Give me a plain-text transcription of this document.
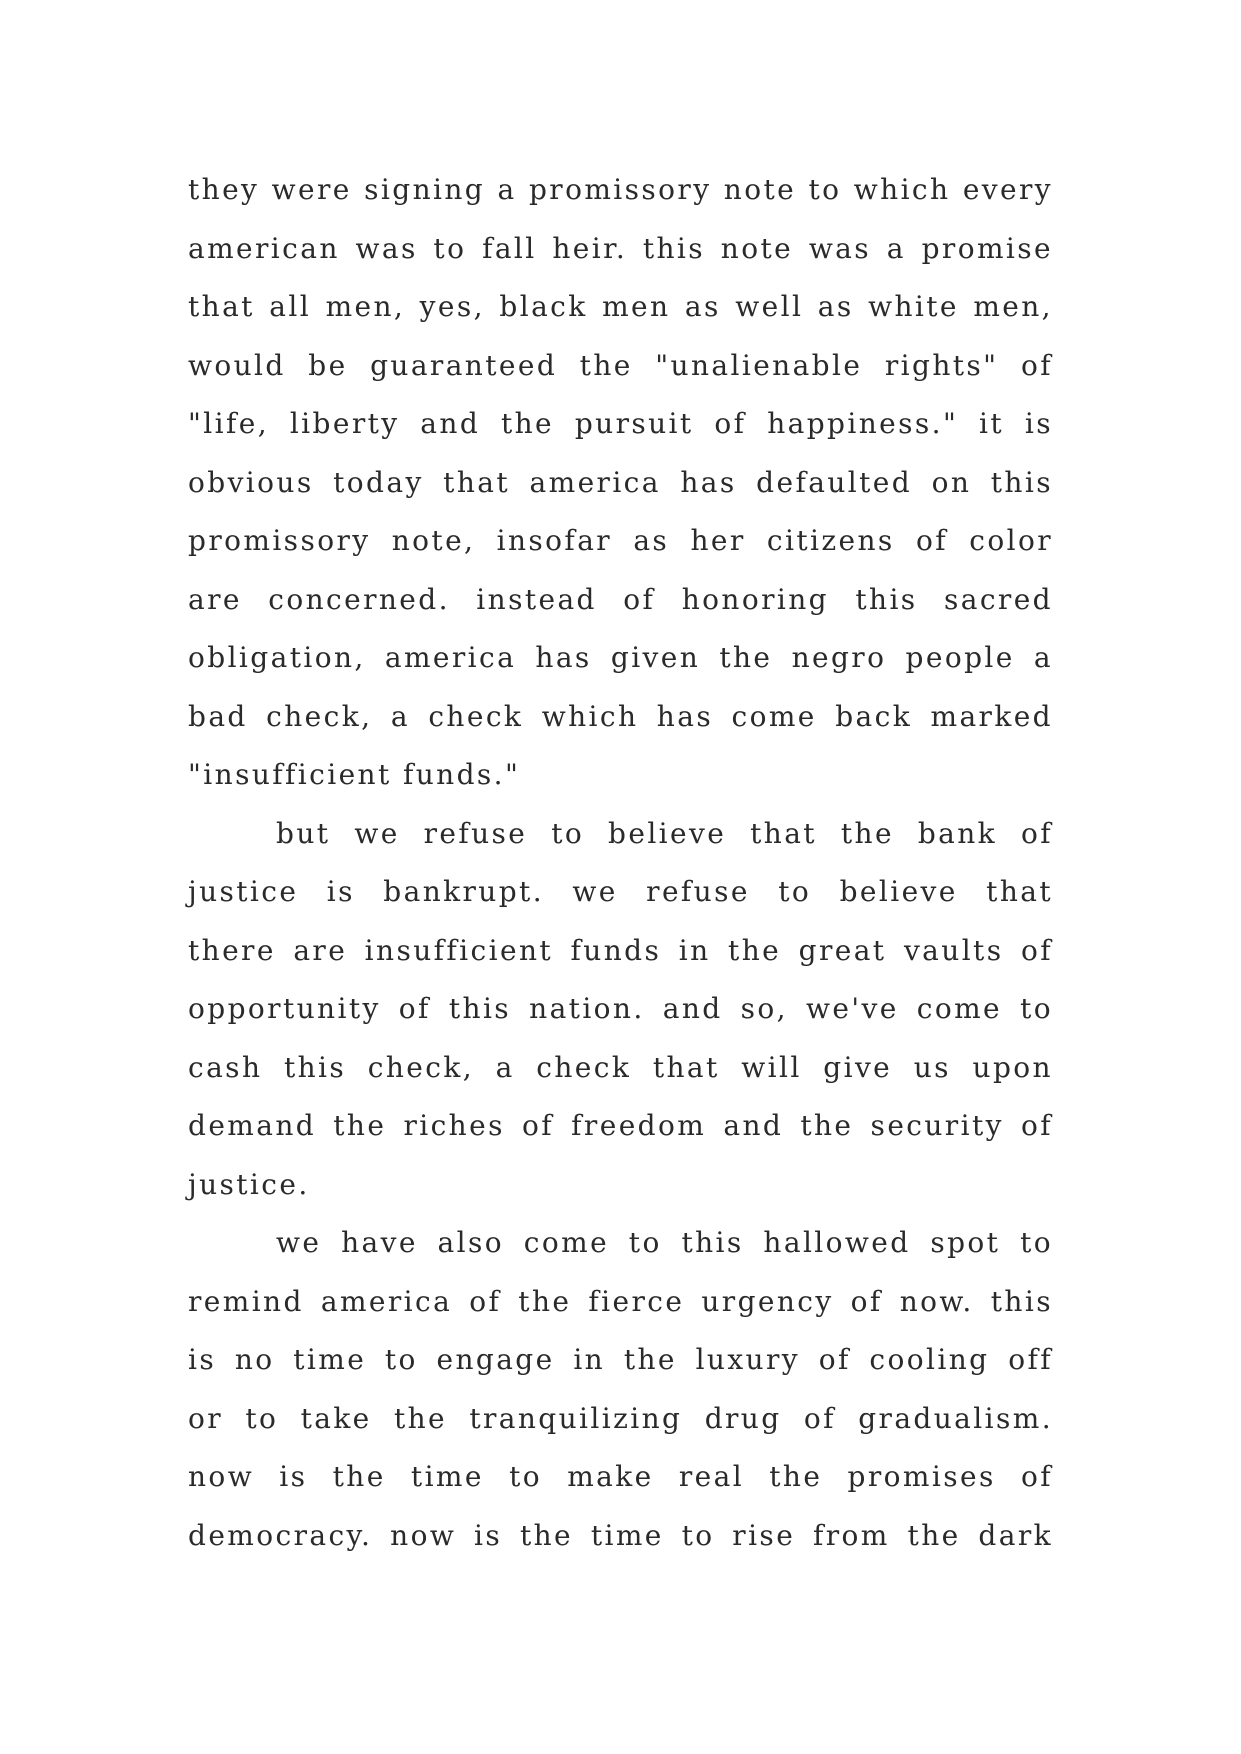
they were signing a promissory note to which every
american was to fall heir. this note was a promise
that all men, yes, black men as well as white men,
would be guaranteed the "unalienable rights" of
"life, liberty and the pursuit of happiness." it is
obvious today that america has defaulted on this
promissory note, insofar as her citizens of color
are concerned. instead of honoring this sacred
obligation, america has given the negro people a
bad check, a check which has come back marked
"insufficient funds."
but we refuse to believe that the bank of
justice is bankrupt. we refuse to believe that
there are insufficient funds in the great vaults of
opportunity of this nation. and so, we've come to
cash this check, a check that will give us upon
demand the riches of freedom and the security of
justice.
we have also come to this hallowed spot to
remind america of the fierce urgency of now. this
is no time to engage in the luxury of cooling off
or to take the tranquilizing drug of gradualism.
now is the time to make real the promises of
democracy. now is the time to rise from the dark
